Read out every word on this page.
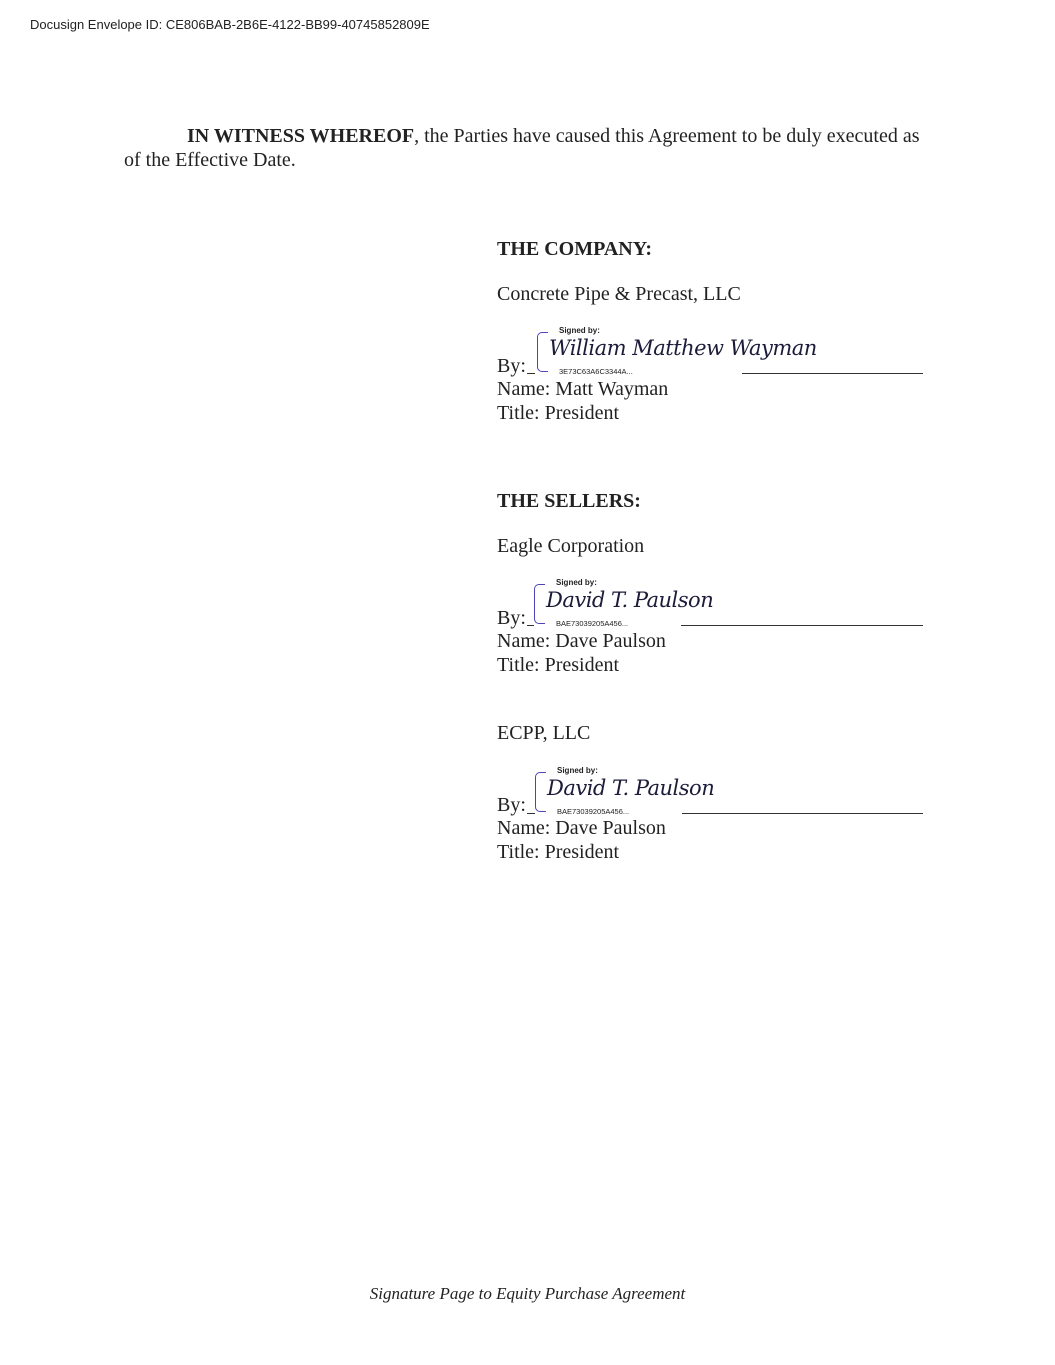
Docusign Envelope ID: CE806BAB-2B6E-4122-BB99-40745852809E
IN WITNESS WHEREOF, the Parties have caused this Agreement to be duly executed as of the Effective Date.
THE COMPANY:
Concrete Pipe & Precast, LLC
Signed by:
William Matthew Wayman
3E73C63A6C3344A...
By:
Name: Matt Wayman
Title: President
THE SELLERS:
Eagle Corporation
Signed by:
David T. Paulson
BAE73039205A456...
By:
Name: Dave Paulson
Title: President
ECPP, LLC
Signed by:
David T. Paulson
BAE73039205A456...
By:
Name: Dave Paulson
Title: President
Signature Page to Equity Purchase Agreement
